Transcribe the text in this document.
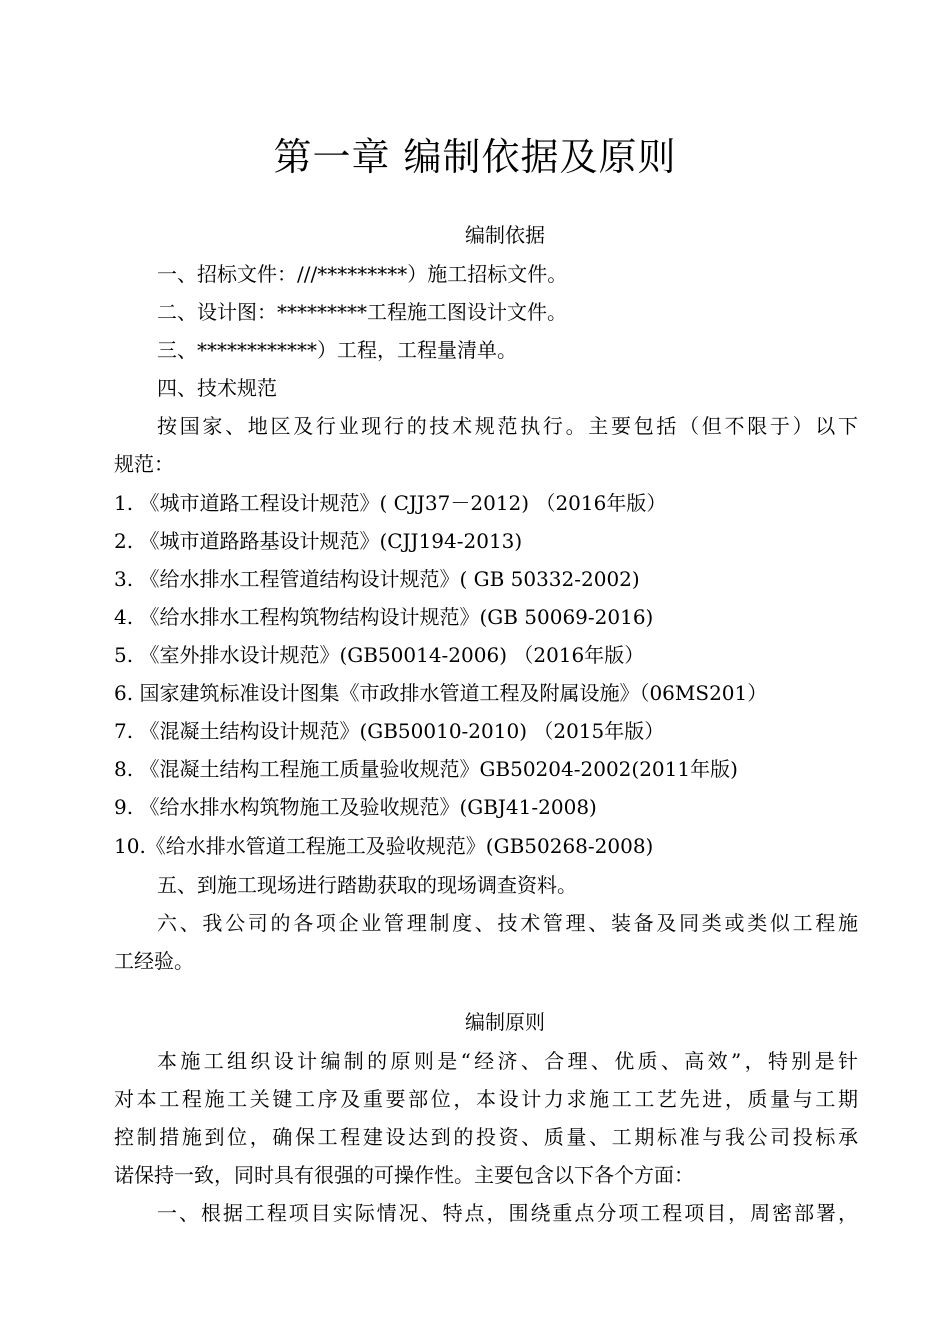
第一章 编制依据及原则
编制依据
一、招标文件：///*********）施工招标文件。
二、设计图：*********工程施工图设计文件。
三、************）工程，工程量清单。
四、技术规范
按国家、地区及行业现行的技术规范执行。主要包括（但不限于）以下
规范：
1. 《城市道路工程设计规范》( CJJ37－2012) （2016年版）
2. 《城市道路路基设计规范》(CJJ194-2013)
3. 《给水排水工程管道结构设计规范》( GB 50332-2002)
4. 《给水排水工程构筑物结构设计规范》(GB 50069-2016)
5. 《室外排水设计规范》(GB50014-2006) （2016年版）
6. 国家建筑标准设计图集《市政排水管道工程及附属设施》（06MS201）
7. 《混凝土结构设计规范》(GB50010-2010) （2015年版）
8. 《混凝土结构工程施工质量验收规范》GB50204-2002(2011年版)
9. 《给水排水构筑物施工及验收规范》(GBJ41-2008)
10.《给水排水管道工程施工及验收规范》(GB50268-2008)
五、到施工现场进行踏勘获取的现场调查资料。
六、我公司的各项企业管理制度、技术管理、装备及同类或类似工程施
工经验。
编制原则
本施工组织设计编制的原则是“经济、合理、优质、高效”，特别是针
对本工程施工关键工序及重要部位，本设计力求施工工艺先进，质量与工期
控制措施到位，确保工程建设达到的投资、质量、工期标准与我公司投标承
诺保持一致，同时具有很强的可操作性。主要包含以下各个方面：
一、根据工程项目实际情况、特点，围绕重点分项工程项目，周密部署，
